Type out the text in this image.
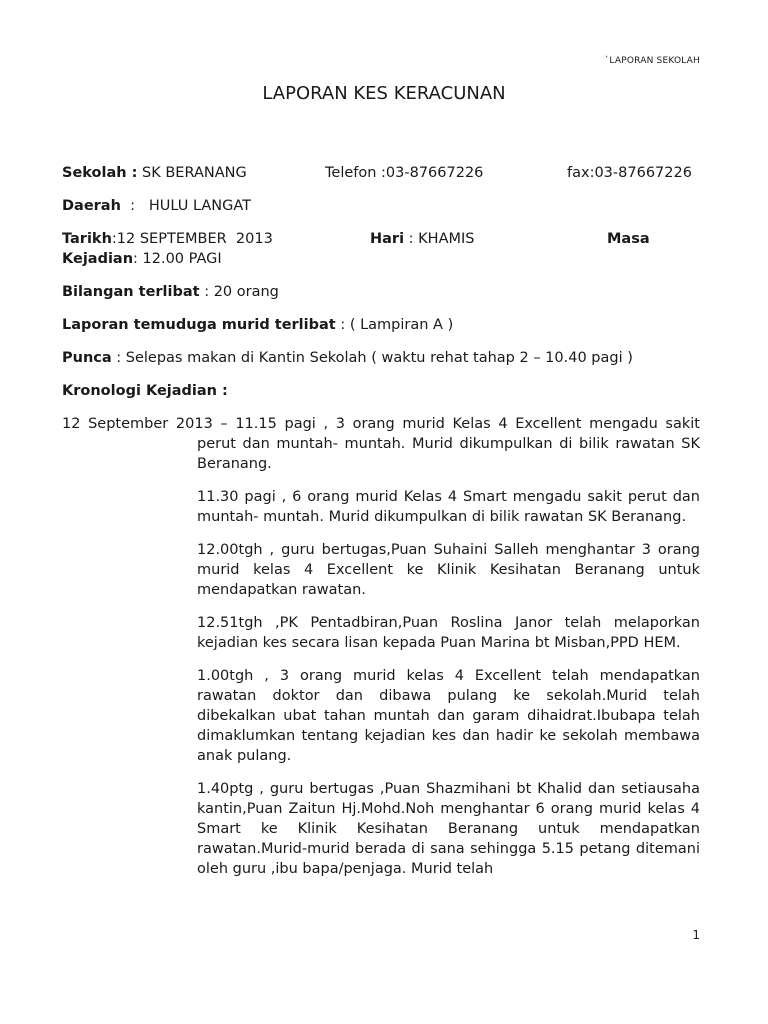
`LAPORAN SEKOLAH
LAPORAN KES KERACUNAN
Sekolah : SK BERANANG	Telefon :03-87667226	fax:03-87667226
Daerah  :   HULU LANGAT
Tarikh:12 SEPTEMBER  2013	Hari : KHAMIS	Masa
Kejadian: 12.00 PAGI
Bilangan terlibat : 20 orang
Laporan temuduga murid terlibat : ( Lampiran A )
Punca : Selepas makan di Kantin Sekolah ( waktu rehat tahap 2 – 10.40 pagi )
Kronologi Kejadian :
12 September 2013 – 11.15 pagi , 3 orang murid Kelas 4 Excellent mengadu sakit
perut dan muntah- muntah. Murid dikumpulkan di bilik rawatan SK Beranang.
11.30 pagi , 6 orang murid Kelas 4 Smart mengadu sakit perut dan muntah- muntah. Murid dikumpulkan di bilik rawatan SK Beranang.
12.00tgh , guru bertugas,Puan Suhaini Salleh menghantar 3 orang murid kelas 4 Excellent ke Klinik Kesihatan Beranang untuk mendapatkan rawatan.
12.51tgh ,PK Pentadbiran,Puan Roslina Janor telah melaporkan kejadian kes secara lisan kepada Puan Marina bt Misban,PPD HEM.
1.00tgh , 3 orang murid kelas 4 Excellent telah mendapatkan rawatan doktor dan dibawa pulang ke sekolah.Murid telah dibekalkan ubat tahan muntah dan garam dihaidrat.Ibubapa telah dimaklumkan tentang kejadian kes dan hadir ke sekolah membawa anak pulang.
1.40ptg , guru bertugas ,Puan Shazmihani bt Khalid dan setiausaha kantin,Puan Zaitun Hj.Mohd.Noh menghantar 6 orang murid kelas 4 Smart ke Klinik Kesihatan Beranang untuk mendapatkan rawatan.Murid-murid berada di sana sehingga 5.15 petang ditemani oleh guru ,ibu bapa/penjaga. Murid telah
1
